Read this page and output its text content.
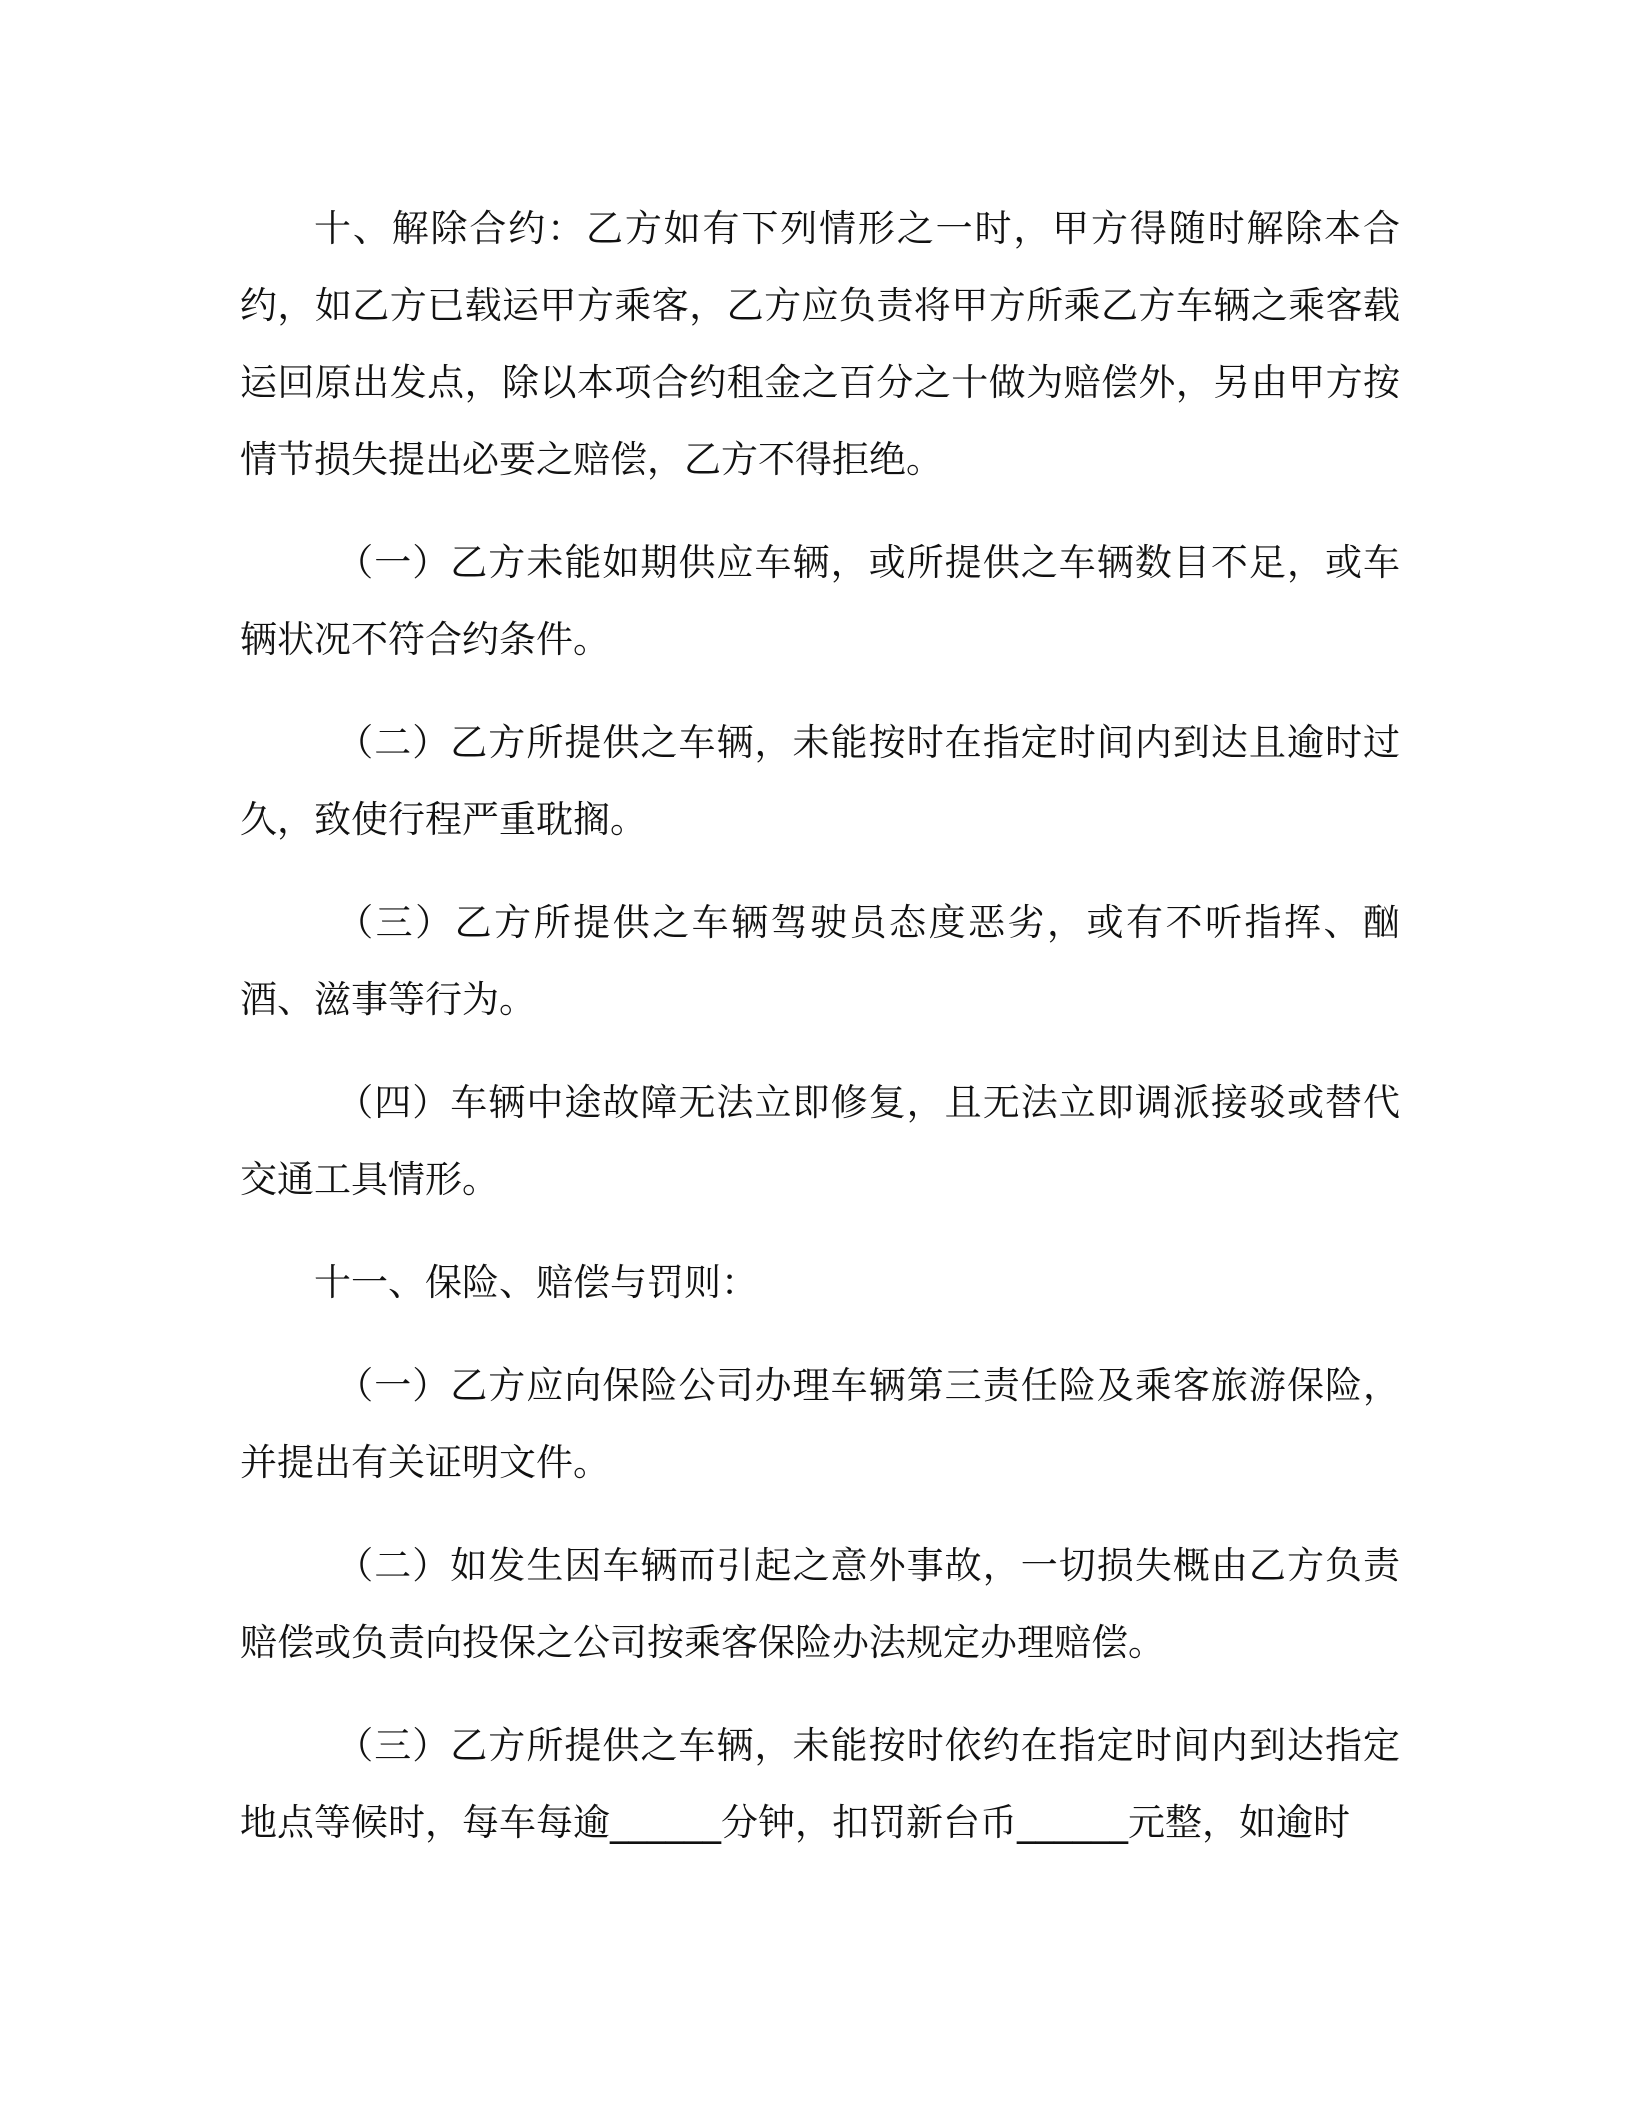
十、解除合约：乙方如有下列情形之一时，甲方得随时解除本合约，如乙方已载运甲方乘客，乙方应负责将甲方所乘乙方车辆之乘客载运回原出发点，除以本项合约租金之百分之十做为赔偿外，另由甲方按情节损失提出必要之赔偿，乙方不得拒绝。

（一）乙方未能如期供应车辆，或所提供之车辆数目不足，或车辆状况不符合约条件。

（二）乙方所提供之车辆，未能按时在指定时间内到达且逾时过久，致使行程严重耽搁。

（三）乙方所提供之车辆驾驶员态度恶劣，或有不听指挥、酗酒、滋事等行为。

（四）车辆中途故障无法立即修复，且无法立即调派接驳或替代交通工具情形。

十一、保险、赔偿与罚则：

（一）乙方应向保险公司办理车辆第三责任险及乘客旅游保险，并提出有关证明文件。

（二）如发生因车辆而引起之意外事故，一切损失概由乙方负责赔偿或负责向投保之公司按乘客保险办法规定办理赔偿。

（三）乙方所提供之车辆，未能按时依约在指定时间内到达指定地点等候时，每车每逾______分钟，扣罚新台币______元整，如逾时
